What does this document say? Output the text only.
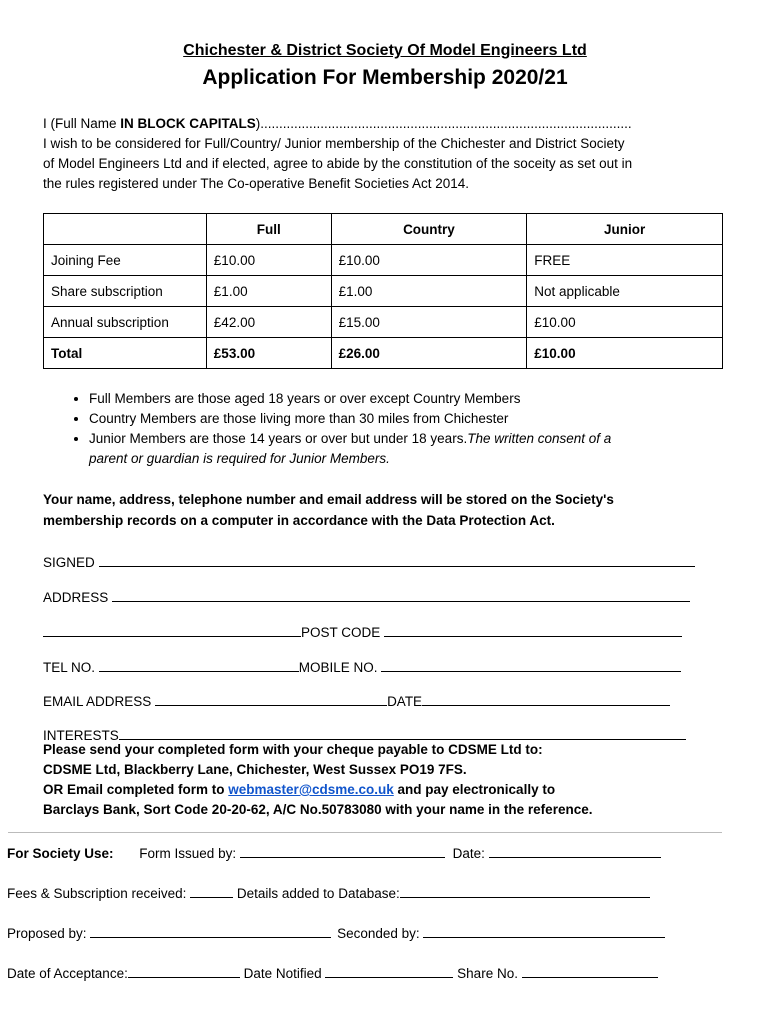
Chichester & District Society Of Model Engineers Ltd
Application For Membership 2020/21
I (Full Name IN BLOCK CAPITALS)...................................................................................................
I wish to be considered for Full/Country/ Junior membership of the Chichester and District Society
of Model Engineers Ltd and if elected, agree to abide by the constitution of the soceity as set out in
the rules registered under The Co-operative Benefit Societies Act 2014.
	Full	Country	Junior
Joining Fee	£10.00	£10.00	FREE
Share subscription	£1.00	£1.00	Not applicable
Annual subscription	£42.00	£15.00	£10.00
Total	£53.00	£26.00	£10.00
• Full Members are those aged 18 years or over except Country Members
• Country Members are those living more than 30 miles from Chichester
• Junior Members are those 14 years or over but under 18 years.The written consent of a
parent or guardian is required for Junior Members.
Your name, address, telephone number and email address will be stored on the Society's
membership records on a computer in accordance with the Data Protection Act.
SIGNED
ADDRESS
POST CODE
TEL NO.	MOBILE NO.
EMAIL ADDRESS	DATE
INTERESTS
Please send your completed form with your cheque payable to CDSME Ltd to:
CDSME Ltd, Blackberry Lane, Chichester, West Sussex PO19 7FS.
OR Email completed form to webmaster@cdsme.co.uk and pay electronically to
Barclays Bank, Sort Code 20-20-62, A/C No.50783080 with your name in the reference.
For Society Use: Form Issued by:	Date:
Fees & Subscription received:	Details added to Database:
Proposed by:	Seconded by:
Date of Acceptance:	Date Notified	Share No.
